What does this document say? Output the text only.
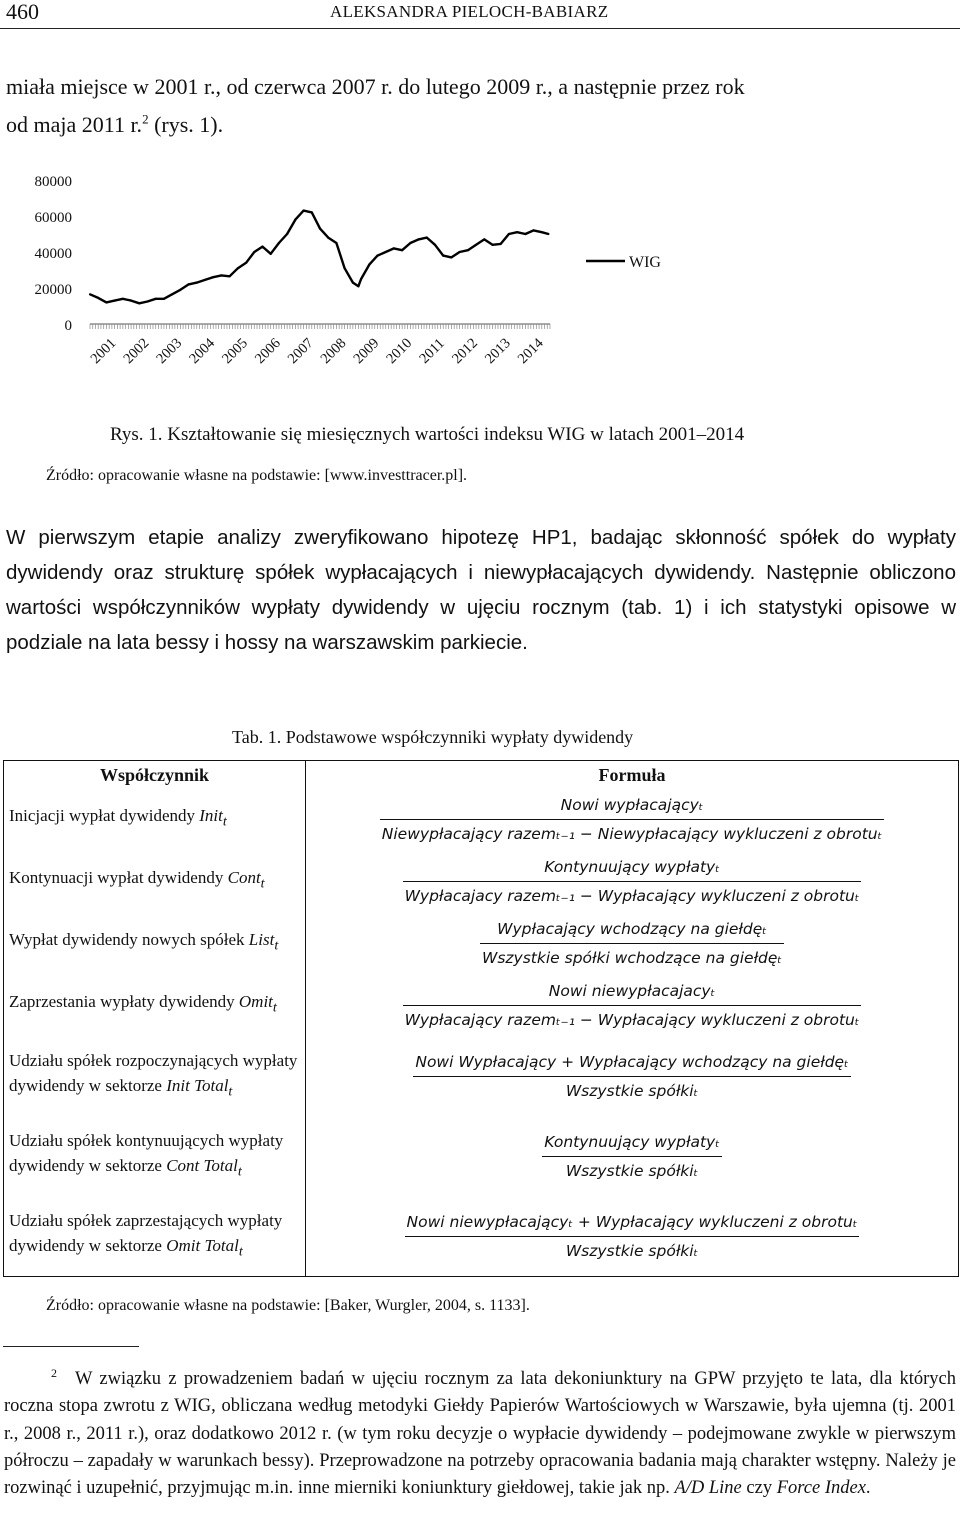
460	ALEKSANDRA PIELOCH-BABIARZ

miała miejsce w 2001 r., od czerwca 2007 r. do lutego 2009 r., a następnie przez rok
od maja 2011 r.$^2$ (rys. 1).

80000
60000
40000
20000
0
2001 2002 2003 2004 2005 2006 2007 2008 2009 2010 2011 2012 2013 2014
WIG

Rys. 1. Kształtowanie się miesięcznych wartości indeksu WIG w latach 2001–2014

Źródło: opracowanie własne na podstawie: [www.investtracer.pl].

W pierwszym etapie analizy zweryfikowano hipotezę HP1, badając skłonność spółek do wypłaty dywidendy oraz strukturę spółek wypłacających i niewypłacających dywidendy. Następnie obliczono wartości współczynników wypłaty dywidendy w ujęciu rocznym (tab. 1) i ich statystyki opisowe w podziale na lata bessy i hossy na warszawskim parkiecie.

Tab. 1. Podstawowe współczynniki wypłaty dywidendy

Współczynnik	Formuła
Inicjacji wypłat dywidendy Init$_t$	Nowi wypłacającyₜ
Niewypłacający razemₜ₋₁ − Niewypłacający wykluczeni z obrotuₜ

Kontynuacji wypłat dywidendy Cont$_t$	$\frac{\text{Kontynuujący wypłatyₜ}}{\text{Wypłacajacy razemₜ₋₁ − Wypłacający wykluczeni z obrotuₜ}}$

Wypłat dywidendy nowych spółek List$_t$	$\frac{\text{Wypłacający wchodzący na giełdęₜ}}{\text{Wszystkie spółki wchodzące na giełdęₜ}}$

Zaprzestania wypłaty dywidendy Omit$_t$	$\frac{\text{Nowi niewypłacajacyₜ}}{\text{Wypłacający razemₜ₋₁ − Wypłacający wykluczeni z obrotuₜ}}$

Udziału spółek rozpoczynających wypłaty dywidendy w sektorze Init Total$_t$	$\frac{\text{Nowi Wypłacający + Wypłacający wchodzący na giełdęₜ}}{\text{Wszystkie spółkiₜ}}$

Udziału spółek kontynuujących wypłaty dywidendy w sektorze Cont Total$_t$	$\frac{\text{Kontynuujący wypłatyₜ}}{\text{Wszystkie spółkiₜ}}$

Udziału spółek zaprzestających wypłaty dywidendy w sektorze Omit Total$_t$	$\frac{\text{Nowi niewypłacającyₜ + Wypłacający wykluczeni z obrotuₜ}}{\text{Wszystkie spółkiₜ}}$

Źródło: opracowanie własne na podstawie: [Baker, Wurgler, 2004, s. 1133].

$^2$ W związku z prowadzeniem badań w ujęciu rocznym za lata dekoniunktury na GPW przyjęto te lata, dla których roczna stopa zwrotu z WIG, obliczana według metodyki Giełdy Papierów Wartościowych w Warszawie, była ujemna (tj. 2001 r., 2008 r., 2011 r.), oraz dodatkowo 2012 r. (w tym roku decyzje o wypłacie dywidendy – podejmowane zwykle w pierwszym półroczu – zapadały w warunkach bessy). Przeprowadzone na potrzeby opracowania badania mają charakter wstępny. Należy je rozwinąć i uzupełnić, przyjmując m.in. inne mierniki koniunktury giełdowej, takie jak np. A/D Line czy Force Index.
